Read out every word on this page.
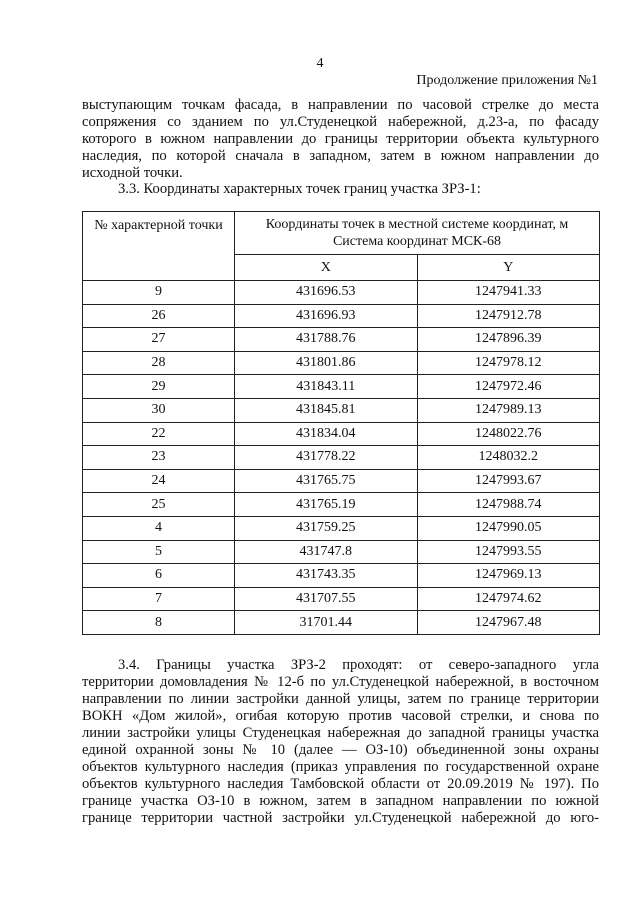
4
Продолжение приложения №1
выступающим точкам фасада, в направлении по часовой стрелке до места
сопряжения со зданием по ул.Студенецкой набережной, д.23-а, по фасаду
которого в южном направлении до границы территории объекта культурного
наследия, по которой сначала в западном, затем в южном направлении до
исходной точки.
3.3. Координаты характерных точек границ участка ЗРЗ-1:
№ характерной точки	Координаты точек в местной системе координат, м
Система координат МСК-68	

	X	Y
9	431696.53	1247941.33
26	431696.93	1247912.78
27	431788.76	1247896.39
28	431801.86	1247978.12
29	431843.11	1247972.46
30	431845.81	1247989.13
22	431834.04	1248022.76
23	431778.22	1248032.2
24	431765.75	1247993.67
25	431765.19	1247988.74
4	431759.25	1247990.05
5	431747.8	1247993.55
6	431743.35	1247969.13
7	431707.55	1247974.62
8	31701.44	1247967.48
3.4. Границы участка ЗРЗ-2 проходят: от северо-западного угла
территории домовладения № 12-б по ул.Студенецкой набережной, в восточном
направлении по линии застройки данной улицы, затем по границе территории
ВОКН «Дом жилой», огибая которую против часовой стрелки, и снова по
линии застройки улицы Студенецкая набережная до западной границы участка
единой охранной зоны № 10 (далее — ОЗ-10) объединенной зоны охраны
объектов культурного наследия (приказ управления по государственной охране
объектов культурного наследия Тамбовской области от 20.09.2019 № 197). По
границе участка ОЗ-10 в южном, затем в западном направлении по южной
границе территории частной застройки ул.Студенецкой набережной до юго-
